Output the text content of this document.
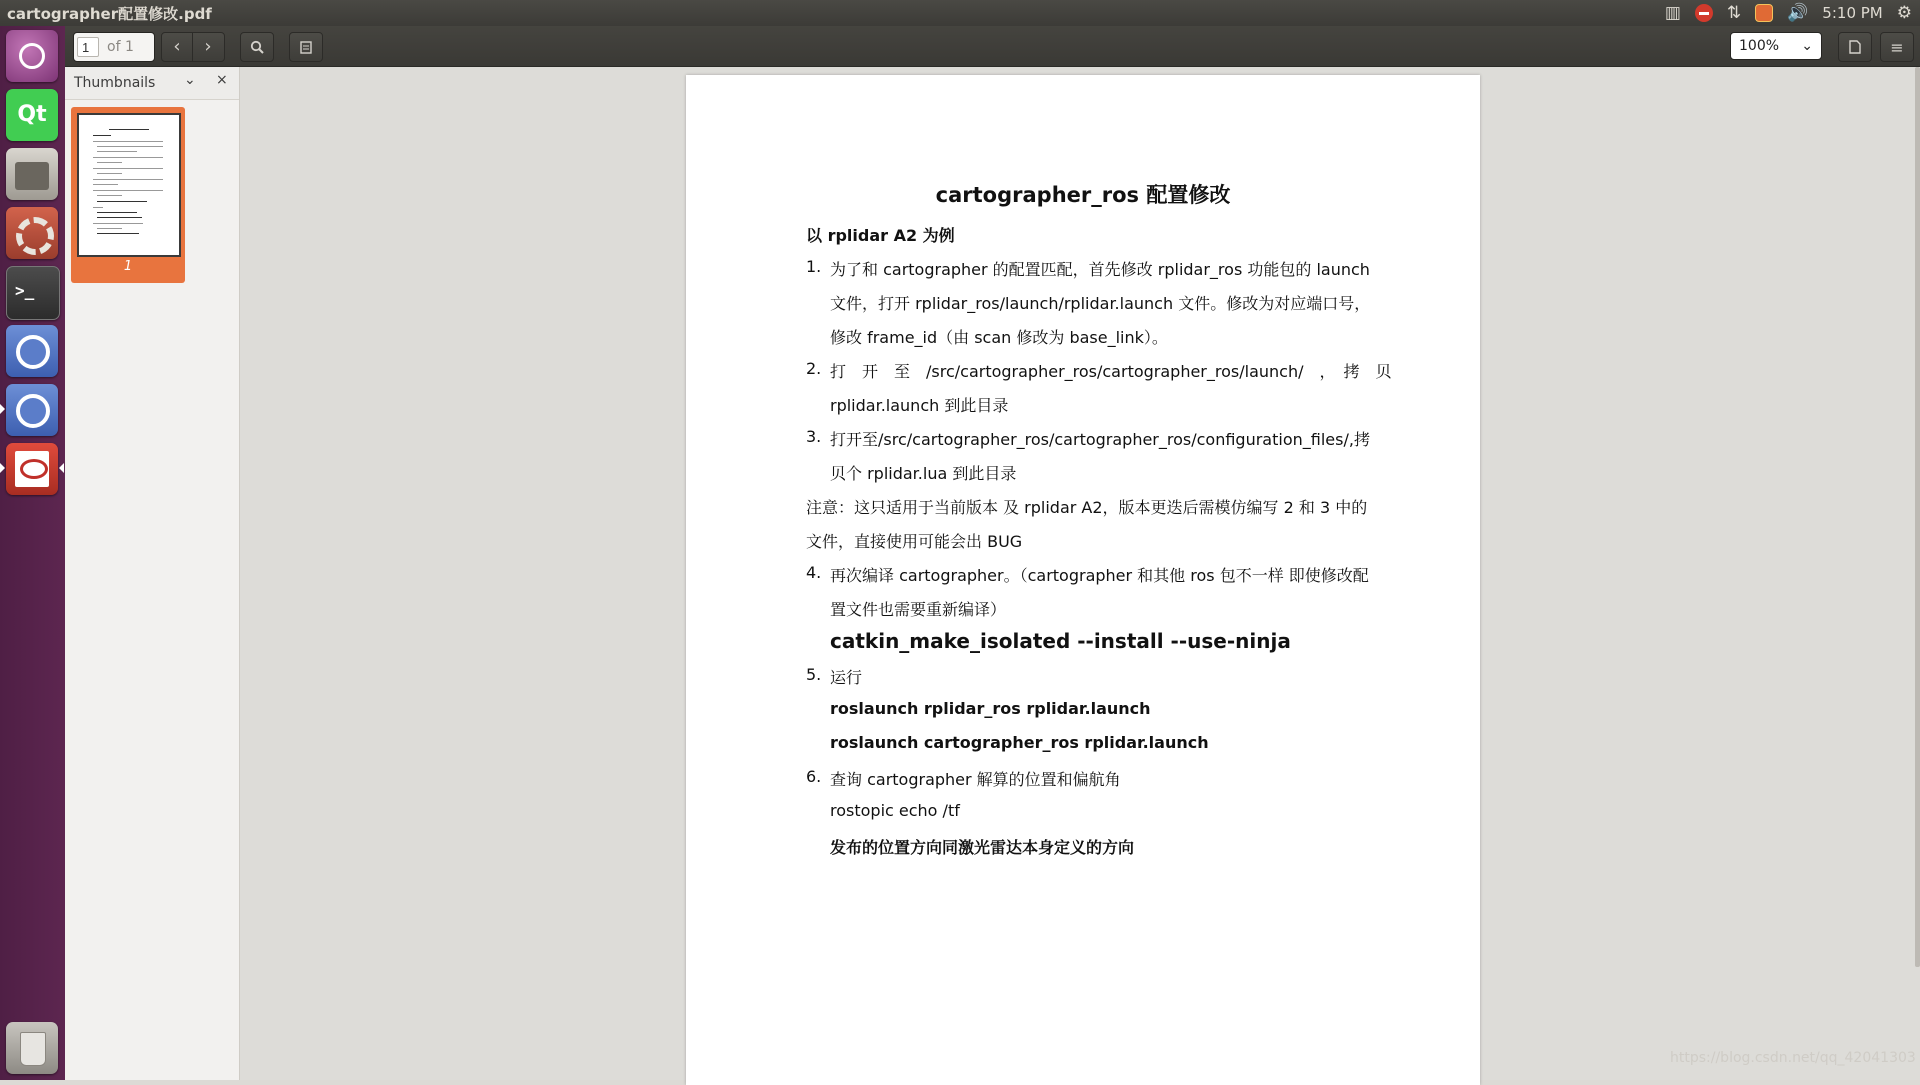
cartographer配置修改.pdf	▥	⇅	🔊 5:10 PM ⚙
Qt
>_
1
of 1	‹	›	100% ⌄	≡
Thumbnails ⌄ ×
1
cartographer_ros 配置修改
以 rplidar A2 为例
1. 为了和 cartographer 的配置匹配，首先修改 rplidar_ros 功能包的 launch
文件，打开 rplidar_ros/launch/rplidar.launch 文件。修改为对应端口号，
修改 frame_id（由 scan 修改为 base_link）。
2. 打　开　至　/src/cartographer_ros/cartographer_ros/launch/　，　拷　贝
rplidar.launch 到此目录
3. 打开至/src/cartographer_ros/cartographer_ros/configuration_files/,拷
贝个 rplidar.lua 到此目录
注意：这只适用于当前版本 及 rplidar A2，版本更迭后需模仿编写 2 和 3 中的
文件，直接使用可能会出 BUG
4. 再次编译 cartographer。（cartographer 和其他 ros 包不一样 即使修改配
置文件也需要重新编译）
catkin_make_isolated --install --use-ninja
5. 运行
roslaunch rplidar_ros rplidar.launch
roslaunch cartographer_ros rplidar.launch
6. 查询 cartographer 解算的位置和偏航角
rostopic echo /tf
发布的位置方向同激光雷达本身定义的方向
https://blog.csdn.net/qq_42041303
